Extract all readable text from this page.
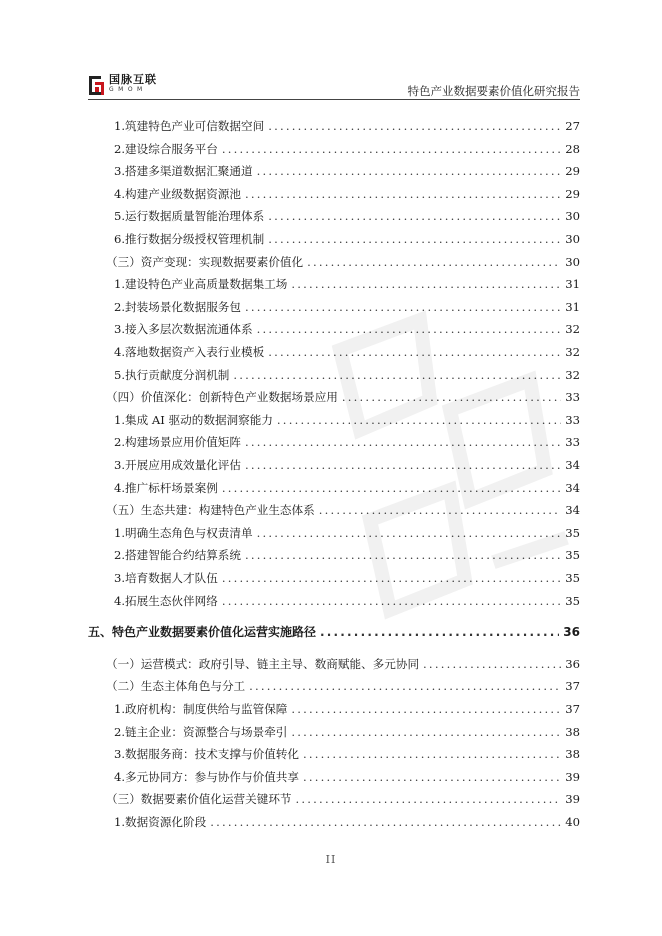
国脉互联
GMOM	特色产业数据要素价值化研究报告
1.筑建特色产业可信数据空间 .....	27
2.建设综合服务平台 .....	28
3.搭建多渠道数据汇聚通道 .....	29
4.构建产业级数据资源池 .....	29
5.运行数据质量智能治理体系 .....	30
6.推行数据分级授权管理机制 .....	30
（三）资产变现：实现数据要素价值化 .....	30
1.建设特色产业高质量数据集工场 .....	31
2.封装场景化数据服务包 .....	31
3.接入多层次数据流通体系 .....	32
4.落地数据资产入表行业模板 .....	32
5.执行贡献度分润机制 .....	32
（四）价值深化：创新特色产业数据场景应用 .....	33
1.集成 AI 驱动的数据洞察能力 .....	33
2.构建场景应用价值矩阵 .....	33
3.开展应用成效量化评估 .....	34
4.推广标杆场景案例 .....	34
（五）生态共建：构建特色产业生态体系 .....	34
1.明确生态角色与权责清单 .....	35
2.搭建智能合约结算系统 .....	35
3.培育数据人才队伍 .....	35
4.拓展生态伙伴网络 .....	35
五、特色产业数据要素价值化运营实施路径 .....	36
（一）运营模式：政府引导、链主主导、数商赋能、多元协同 .....	36
（二）生态主体角色与分工 .....	37
1.政府机构：制度供给与监管保障 .....	37
2.链主企业：资源整合与场景牵引 .....	38
3.数据服务商：技术支撑与价值转化 .....	38
4.多元协同方：参与协作与价值共享 .....	39
（三）数据要素价值化运营关键环节 .....	39
1.数据资源化阶段 .....	40
II
